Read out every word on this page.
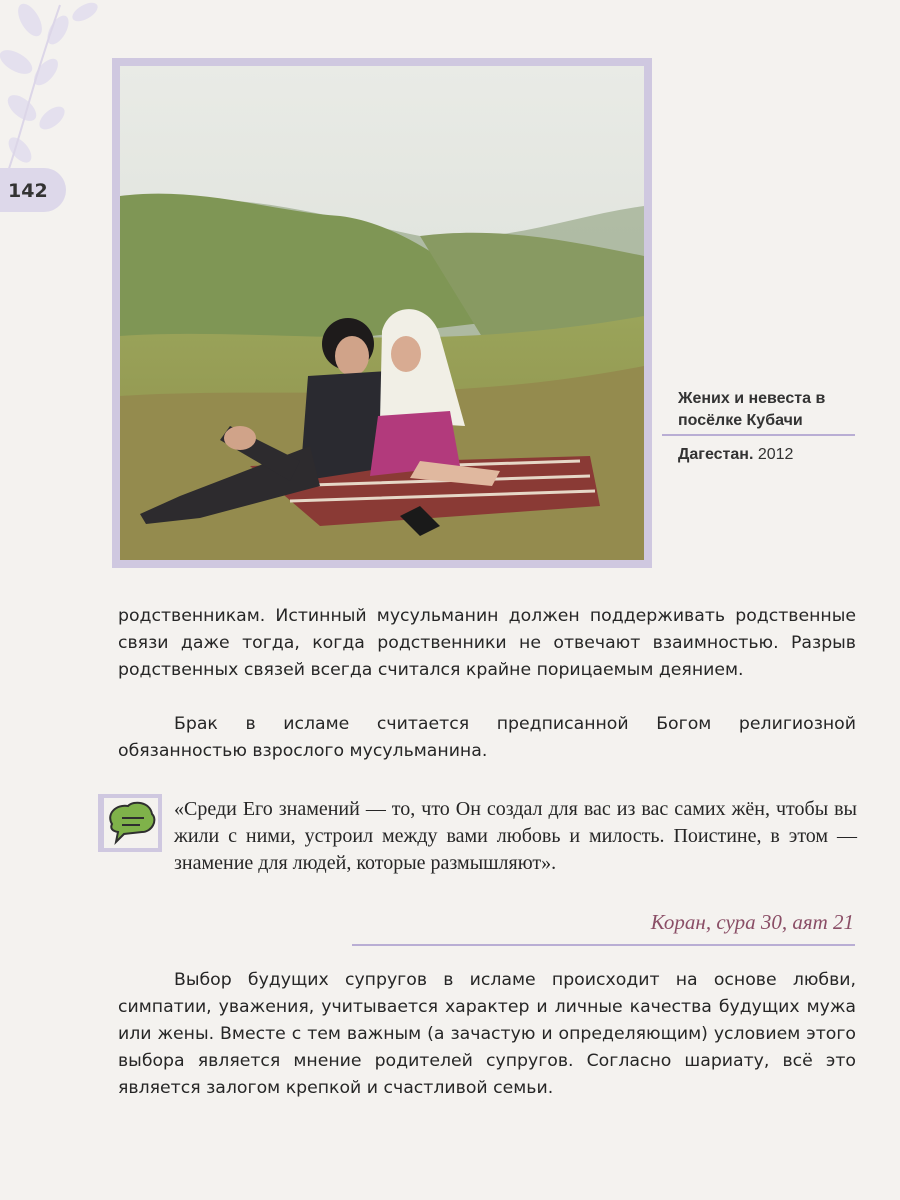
142
Жених и невеста в посёлке Кубачи
Дагестан. 2012

родственникам. Истинный мусульманин должен поддерживать родственные связи даже тогда, когда родственники не отвечают взаимностью. Разрыв родственных связей всегда считался крайне порицаемым деянием.

Брак в исламе считается предписанной Богом религиозной обязанностью взрослого мусульманина.

«Среди Его знамений — то, что Он создал для вас из вас самих жён, чтобы вы жили с ними, устроил между вами любовь и милость. Поистине, в этом — знамение для людей, которые размышляют».

Коран, сура 30, аят 21

Выбор будущих супругов в исламе происходит на основе любви, симпатии, уважения, учитывается характер и личные качества будущих мужа или жены. Вместе с тем важным (а зачастую и определяющим) условием этого выбора является мнение родителей супругов. Согласно шариату, всё это является залогом крепкой и счастливой семьи.
